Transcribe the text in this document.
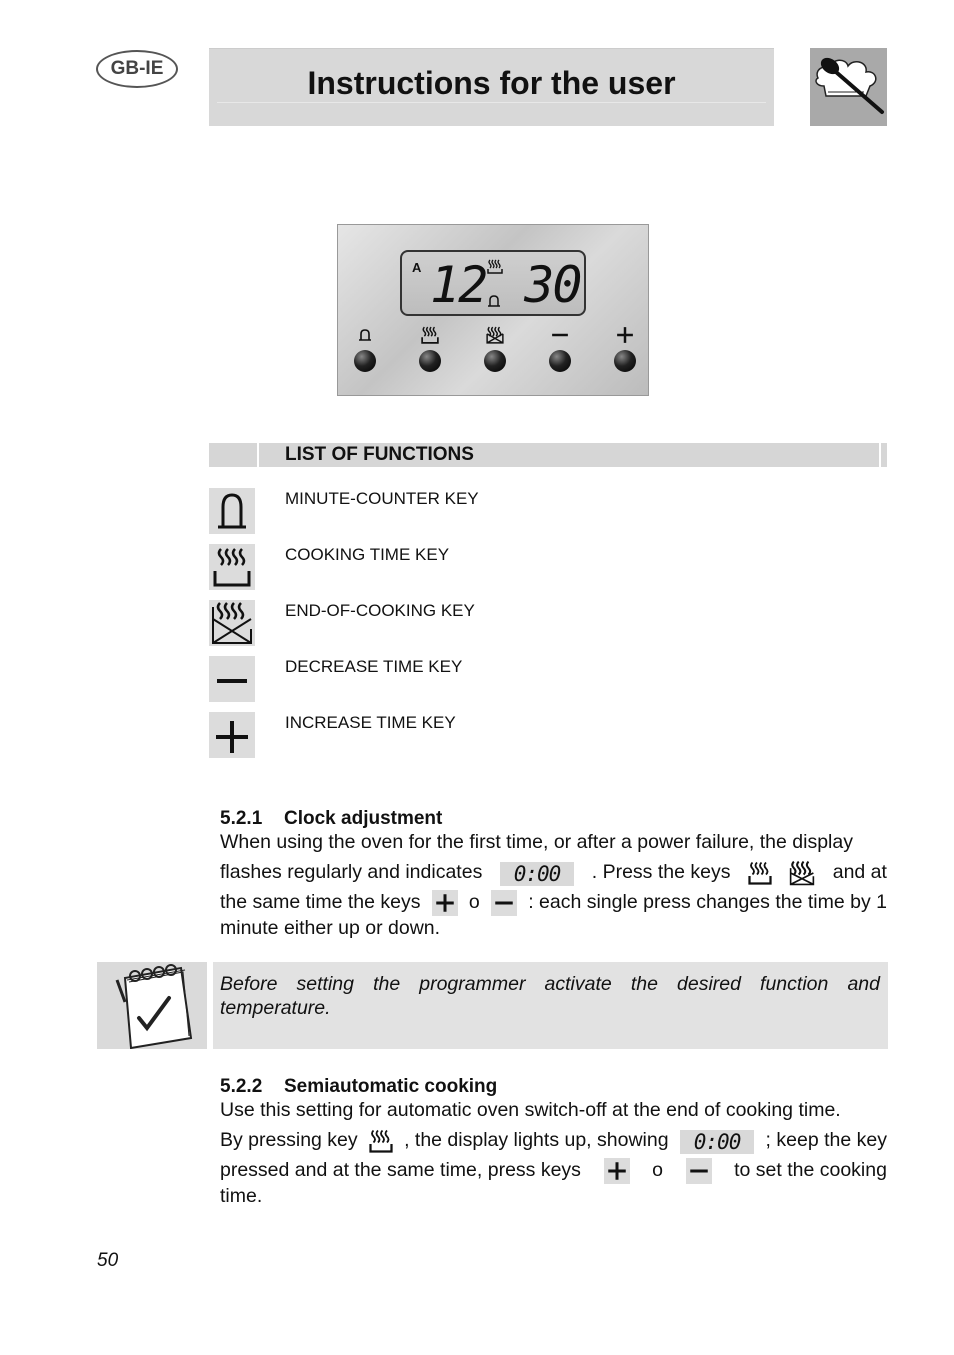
GB-IE	Instructions for the user
A 12 30
LIST OF FUNCTIONS
MINUTE-COUNTER KEY
COOKING TIME KEY
END-OF-COOKING KEY
DECREASE TIME KEY
INCREASE TIME KEY
5.2.1 Clock adjustment
When using the oven for the first time, or after a power failure, the display
flashes regularly and indicates	0:00	. Press the keys	and at
the same time the keys o : each single press changes the time by 1
minute either up or down.
Before setting the programmer activate the desired function and
temperature.
5.2.2 Semiautomatic cooking
Use this setting for automatic oven switch-off at the end of cooking time.
By pressing key , the display lights up, showing	0:00	; keep the key
pressed and at the same time, press keys	o	to set the cooking
time.
50
